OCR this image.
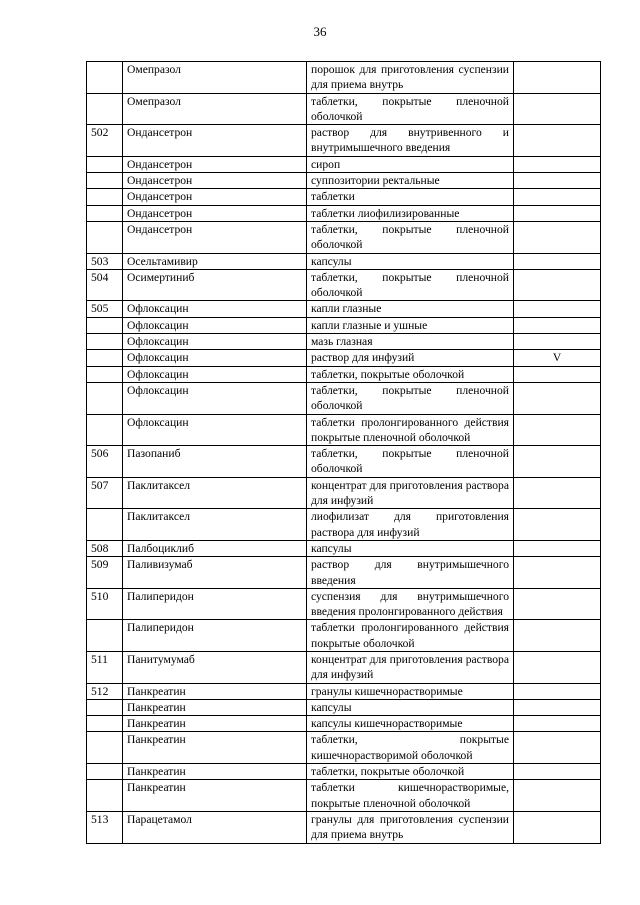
36
	Омепразол	порошок для приготовления суспензии для приема внутрь	
	Омепразол	таблетки, покрытые пленочной оболочкой	
502	Ондансетрон	раствор для внутривенного и внутримышечного введения	
	Ондансетрон	сироп	
	Ондансетрон	суппозитории ректальные	
	Ондансетрон	таблетки	
	Ондансетрон	таблетки лиофилизированные	
	Ондансетрон	таблетки, покрытые пленочной оболочкой	
503	Осельтамивир	капсулы	
504	Осимертиниб	таблетки, покрытые пленочной оболочкой	
505	Офлоксацин	капли глазные	
	Офлоксацин	капли глазные и ушные	
	Офлоксацин	мазь глазная	
	Офлоксацин	раствор для инфузий	V
	Офлоксацин	таблетки, покрытые оболочкой	
	Офлоксацин	таблетки, покрытые пленочной оболочкой	
	Офлоксацин	таблетки пролонгированного действия покрытые пленочной оболочкой	
506	Пазопаниб	таблетки, покрытые пленочной оболочкой	
507	Паклитаксел	концентрат для приготовления раствора для инфузий	
	Паклитаксел	лиофилизат для приготовления раствора для инфузий	
508	Палбоциклиб	капсулы	
509	Паливизумаб	раствор для внутримышечного введения	
510	Палиперидон	суспензия для внутримышечного введения пролонгированного действия	
	Палиперидон	таблетки пролонгированного действия покрытые оболочкой	
511	Панитумумаб	концентрат для приготовления раствора для инфузий	
512	Панкреатин	гранулы кишечнорастворимые	
	Панкреатин	капсулы	
	Панкреатин	капсулы кишечнорастворимые	
	Панкреатин	таблетки, покрытые кишечнорастворимой оболочкой	
	Панкреатин	таблетки, покрытые оболочкой	
	Панкреатин	таблетки кишечнорастворимые, покрытые пленочной оболочкой	
513	Парацетамол	гранулы для приготовления суспензии для приема внутрь	
